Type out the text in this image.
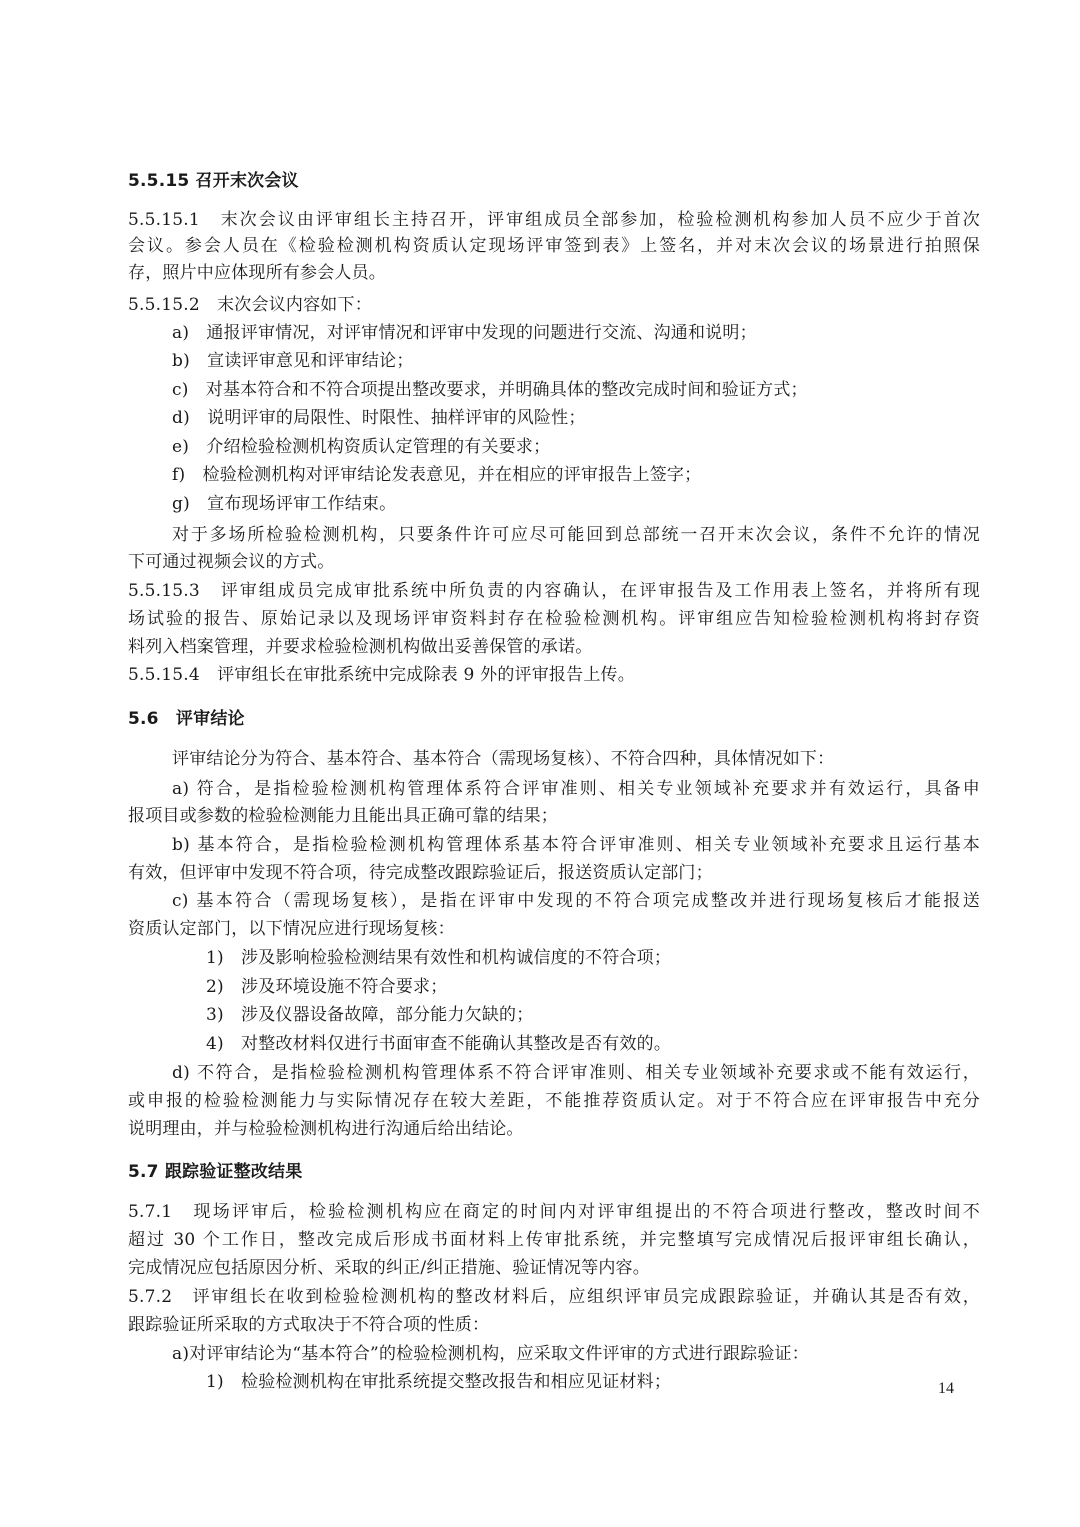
5.5.15 召开末次会议
5.5.15.1　末次会议由评审组长主持召开，评审组成员全部参加，检验检测机构参加人员不应少于首次
会议。参会人员在《检验检测机构资质认定现场评审签到表》上签名，并对末次会议的场景进行拍照保
存，照片中应体现所有参会人员。
5.5.15.2　末次会议内容如下：
a)　通报评审情况，对评审情况和评审中发现的问题进行交流、沟通和说明；
b)　宣读评审意见和评审结论；
c)　对基本符合和不符合项提出整改要求，并明确具体的整改完成时间和验证方式；
d)　说明评审的局限性、时限性、抽样评审的风险性；
e)　介绍检验检测机构资质认定管理的有关要求；
f)　检验检测机构对评审结论发表意见，并在相应的评审报告上签字；
g)　宣布现场评审工作结束。
对于多场所检验检测机构，只要条件许可应尽可能回到总部统一召开末次会议，条件不允许的情况
下可通过视频会议的方式。
5.5.15.3　评审组成员完成审批系统中所负责的内容确认，在评审报告及工作用表上签名，并将所有现
场试验的报告、原始记录以及现场评审资料封存在检验检测机构。评审组应告知检验检测机构将封存资
料列入档案管理，并要求检验检测机构做出妥善保管的承诺。
5.5.15.4　评审组长在审批系统中完成除表 9 外的评审报告上传。
5.6　评审结论
评审结论分为符合、基本符合、基本符合（需现场复核）、不符合四种，具体情况如下：
a) 符合，是指检验检测机构管理体系符合评审准则、相关专业领域补充要求并有效运行，具备申
报项目或参数的检验检测能力且能出具正确可靠的结果；
b) 基本符合，是指检验检测机构管理体系基本符合评审准则、相关专业领域补充要求且运行基本
有效，但评审中发现不符合项，待完成整改跟踪验证后，报送资质认定部门；
c) 基本符合（需现场复核），是指在评审中发现的不符合项完成整改并进行现场复核后才能报送
资质认定部门，以下情况应进行现场复核：
1)　涉及影响检验检测结果有效性和机构诚信度的不符合项；
2)　涉及环境设施不符合要求；
3)　涉及仪器设备故障，部分能力欠缺的；
4)　对整改材料仅进行书面审查不能确认其整改是否有效的。
d) 不符合，是指检验检测机构管理体系不符合评审准则、相关专业领域补充要求或不能有效运行，
或申报的检验检测能力与实际情况存在较大差距，不能推荐资质认定。对于不符合应在评审报告中充分
说明理由，并与检验检测机构进行沟通后给出结论。
5.7 跟踪验证整改结果
5.7.1　现场评审后，检验检测机构应在商定的时间内对评审组提出的不符合项进行整改，整改时间不
超过 30 个工作日，整改完成后形成书面材料上传审批系统，并完整填写完成情况后报评审组长确认，
完成情况应包括原因分析、采取的纠正/纠正措施、验证情况等内容。
5.7.2　评审组长在收到检验检测机构的整改材料后，应组织评审员完成跟踪验证，并确认其是否有效，
跟踪验证所采取的方式取决于不符合项的性质：
a)对评审结论为“基本符合”的检验检测机构，应采取文件评审的方式进行跟踪验证：
1)　检验检测机构在审批系统提交整改报告和相应见证材料；	14
